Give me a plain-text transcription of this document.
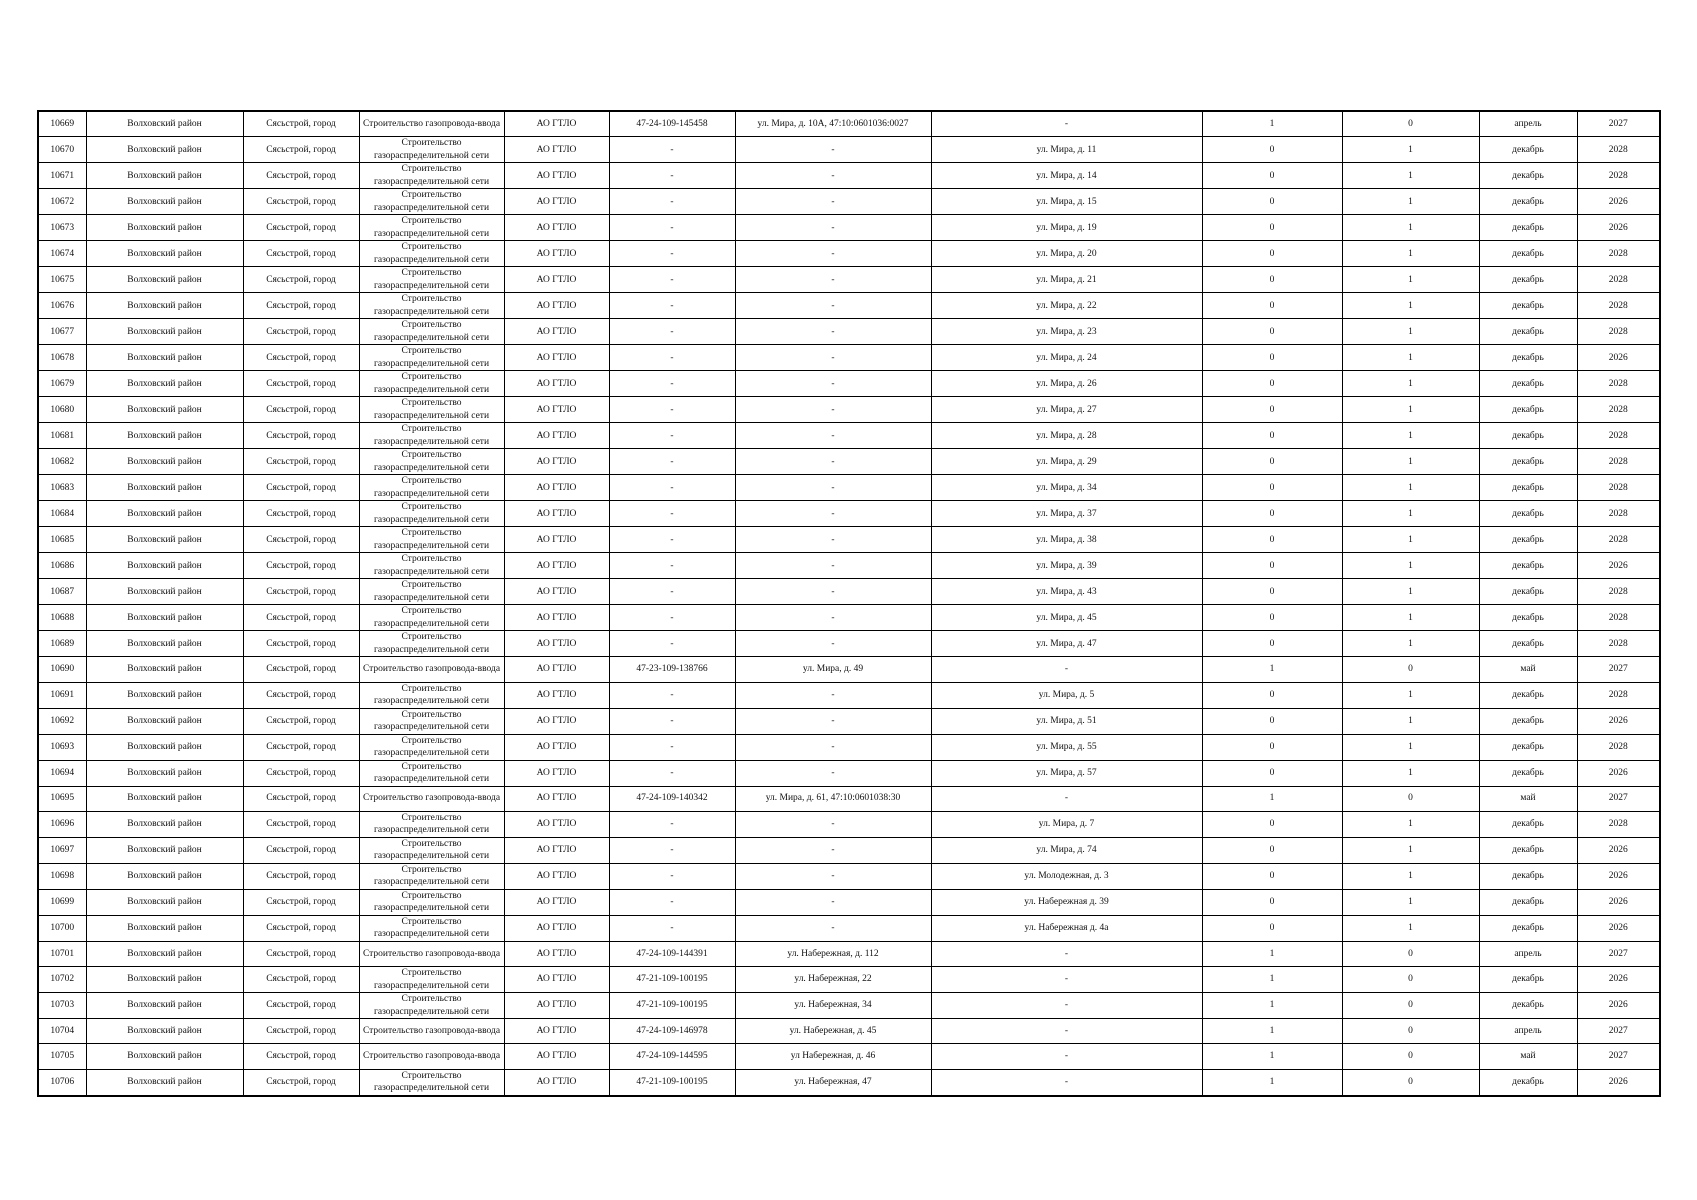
10669	Волховский район	Сясьстрой, город	Строительство газопровода-ввода	АО ГТЛО	47-24-109-145458	ул. Мира, д. 10А, 47:10:0601036:0027	-	1	0	апрель	2027
10670	Волховский район	Сясьстрой, город	Строительство газораспределительной сети	АО ГТЛО	-	-	ул. Мира, д. 11	0	1	декабрь	2028
10671	Волховский район	Сясьстрой, город	Строительство газораспределительной сети	АО ГТЛО	-	-	ул. Мира, д. 14	0	1	декабрь	2028
10672	Волховский район	Сясьстрой, город	Строительство газораспределительной сети	АО ГТЛО	-	-	ул. Мира, д. 15	0	1	декабрь	2026
10673	Волховский район	Сясьстрой, город	Строительство газораспределительной сети	АО ГТЛО	-	-	ул. Мира, д. 19	0	1	декабрь	2026
10674	Волховский район	Сясьстрой, город	Строительство газораспределительной сети	АО ГТЛО	-	-	ул. Мира, д. 20	0	1	декабрь	2028
10675	Волховский район	Сясьстрой, город	Строительство газораспределительной сети	АО ГТЛО	-	-	ул. Мира, д. 21	0	1	декабрь	2028
10676	Волховский район	Сясьстрой, город	Строительство газораспределительной сети	АО ГТЛО	-	-	ул. Мира, д. 22	0	1	декабрь	2028
10677	Волховский район	Сясьстрой, город	Строительство газораспределительной сети	АО ГТЛО	-	-	ул. Мира, д. 23	0	1	декабрь	2028
10678	Волховский район	Сясьстрой, город	Строительство газораспределительной сети	АО ГТЛО	-	-	ул. Мира, д. 24	0	1	декабрь	2026
10679	Волховский район	Сясьстрой, город	Строительство газораспределительной сети	АО ГТЛО	-	-	ул. Мира, д. 26	0	1	декабрь	2028
10680	Волховский район	Сясьстрой, город	Строительство газораспределительной сети	АО ГТЛО	-	-	ул. Мира, д. 27	0	1	декабрь	2028
10681	Волховский район	Сясьстрой, город	Строительство газораспределительной сети	АО ГТЛО	-	-	ул. Мира, д. 28	0	1	декабрь	2028
10682	Волховский район	Сясьстрой, город	Строительство газораспределительной сети	АО ГТЛО	-	-	ул. Мира, д. 29	0	1	декабрь	2028
10683	Волховский район	Сясьстрой, город	Строительство газораспределительной сети	АО ГТЛО	-	-	ул. Мира, д. 34	0	1	декабрь	2028
10684	Волховский район	Сясьстрой, город	Строительство газораспределительной сети	АО ГТЛО	-	-	ул. Мира, д. 37	0	1	декабрь	2028
10685	Волховский район	Сясьстрой, город	Строительство газораспределительной сети	АО ГТЛО	-	-	ул. Мира, д. 38	0	1	декабрь	2028
10686	Волховский район	Сясьстрой, город	Строительство газораспределительной сети	АО ГТЛО	-	-	ул. Мира, д. 39	0	1	декабрь	2026
10687	Волховский район	Сясьстрой, город	Строительство газораспределительной сети	АО ГТЛО	-	-	ул. Мира, д. 43	0	1	декабрь	2028
10688	Волховский район	Сясьстрой, город	Строительство газораспределительной сети	АО ГТЛО	-	-	ул. Мира, д. 45	0	1	декабрь	2028
10689	Волховский район	Сясьстрой, город	Строительство газораспределительной сети	АО ГТЛО	-	-	ул. Мира, д. 47	0	1	декабрь	2028
10690	Волховский район	Сясьстрой, город	Строительство газопровода-ввода	АО ГТЛО	47-23-109-138766	ул. Мира, д. 49	-	1	0	май	2027
10691	Волховский район	Сясьстрой, город	Строительство газораспределительной сети	АО ГТЛО	-	-	ул. Мира, д. 5	0	1	декабрь	2028
10692	Волховский район	Сясьстрой, город	Строительство газораспределительной сети	АО ГТЛО	-	-	ул. Мира, д. 51	0	1	декабрь	2026
10693	Волховский район	Сясьстрой, город	Строительство газораспределительной сети	АО ГТЛО	-	-	ул. Мира, д. 55	0	1	декабрь	2028
10694	Волховский район	Сясьстрой, город	Строительство газораспределительной сети	АО ГТЛО	-	-	ул. Мира, д. 57	0	1	декабрь	2026
10695	Волховский район	Сясьстрой, город	Строительство газопровода-ввода	АО ГТЛО	47-24-109-140342	ул. Мира, д. 61, 47:10:0601038:30	-	1	0	май	2027
10696	Волховский район	Сясьстрой, город	Строительство газораспределительной сети	АО ГТЛО	-	-	ул. Мира, д. 7	0	1	декабрь	2028
10697	Волховский район	Сясьстрой, город	Строительство газораспределительной сети	АО ГТЛО	-	-	ул. Мира, д. 74	0	1	декабрь	2026
10698	Волховский район	Сясьстрой, город	Строительство газораспределительной сети	АО ГТЛО	-	-	ул. Молодежная, д. 3	0	1	декабрь	2026
10699	Волховский район	Сясьстрой, город	Строительство газораспределительной сети	АО ГТЛО	-	-	ул. Набережная д. 39	0	1	декабрь	2026
10700	Волховский район	Сясьстрой, город	Строительство газораспределительной сети	АО ГТЛО	-	-	ул. Набережная д. 4а	0	1	декабрь	2026
10701	Волховский район	Сясьстрой, город	Строительство газопровода-ввода	АО ГТЛО	47-24-109-144391	ул. Набережная, д. 112	-	1	0	апрель	2027
10702	Волховский район	Сясьстрой, город	Строительство газораспределительной сети	АО ГТЛО	47-21-109-100195	ул. Набережная, 22	-	1	0	декабрь	2026
10703	Волховский район	Сясьстрой, город	Строительство газораспределительной сети	АО ГТЛО	47-21-109-100195	ул. Набережная, 34	-	1	0	декабрь	2026
10704	Волховский район	Сясьстрой, город	Строительство газопровода-ввода	АО ГТЛО	47-24-109-146978	ул. Набережная, д. 45	-	1	0	апрель	2027
10705	Волховский район	Сясьстрой, город	Строительство газопровода-ввода	АО ГТЛО	47-24-109-144595	ул Набережная, д. 46	-	1	0	май	2027
10706	Волховский район	Сясьстрой, город	Строительство газораспределительной сети	АО ГТЛО	47-21-109-100195	ул. Набережная, 47	-	1	0	декабрь	2026
